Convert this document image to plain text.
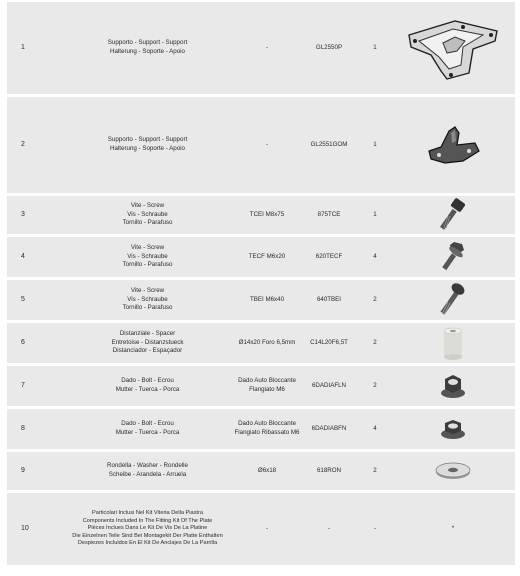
1
Supporto - Support - Support
Halterung - Soporte - Apoio
-	GL2550P	1
2
Supporto - Support - Support
Halterung - Soporte - Apoio
-	GL2551GOM	1
3
Vite - Screw
Vis - Schraube
Tornillo - Parafuso
TCEI M8x75	875TCE	1
4
Vite - Screw
Vis - Schraube
Tornillo - Parafuso
TECF M6x20	620TECF	4
5
Vite - Screw
Vis - Schraube
Tornillo - Parafuso
TBEI M6x40	640TBEI	2
6
Distanziale - Spacer
Entretoise - Distanzstueck
Distanciador - Espaçador
Ø14x20 Foro 6,5mm	C14L20F6,5T	2
7
Dado - Bolt - Ecrou
Mutter - Tuerca - Porca
Dado Auto Bloccante
Flangiato M6
6DADIAFLN	2
8
Dado - Bolt - Ecrou
Mutter - Tuerca - Porca
Dado Auto Bloccante
Flangiato Ribassato M6
6DADIABFN	4
9
Rondella - Washer - Rondelle
Scheibe - Arandela - Arruela
Ø6x18	618RON	2
10
Particolari Inclusi Nel Kit Viteria Della Piastra
Components Included In The Fitting Kit Of The Plate
Pièces Inclues Dans Le Kit De Vis De La Platine
Die Einzelnen Teile Sind Bei Montagekit Der Platte Enthalten
Despiezes Incluidos En El Kit De Anclajes De La Parrilla
-	-	-	*
